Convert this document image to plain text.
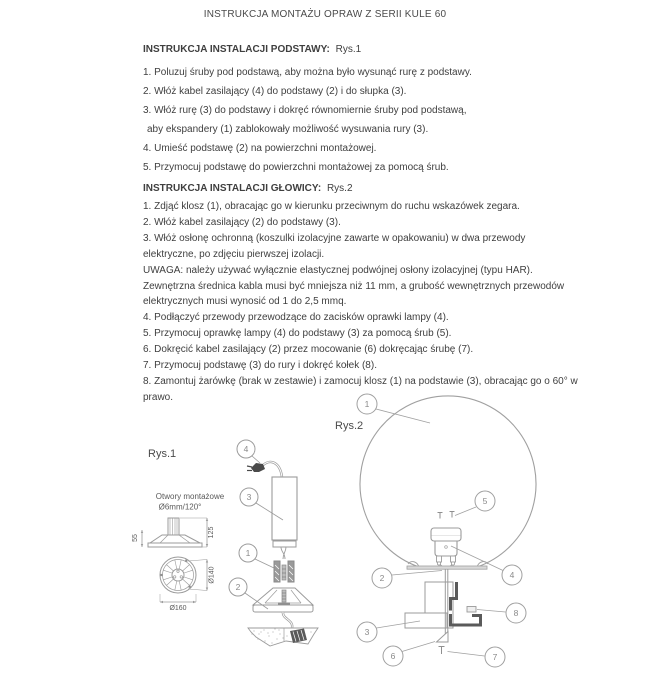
INSTRUKCJA MONTAŻU OPRAW Z SERII KULE 60
INSTRUKCJA INSTALACJI PODSTAWY: Rys.1
1. Poluzuj śruby pod podstawą, aby można było wysunąć rurę z podstawy.
2. Włóż kabel zasilający (4) do podstawy (2) i do słupka (3).
3. Włóż rurę (3) do podstawy i dokręć równomiernie śruby pod podstawą,
aby ekspandery (1) zablokowały możliwość wysuwania rury (3).
4. Umieść podstawę (2) na powierzchni montażowej.
5. Przymocuj podstawę do powierzchni montażowej za pomocą śrub.
INSTRUKCJA INSTALACJI GŁOWICY: Rys.2
1. Zdjąć klosz (1), obracając go w kierunku przeciwnym do ruchu wskazówek zegara.
2. Włóż kabel zasilający (2) do podstawy (3).
3. Włóż osłonę ochronną (koszulki izolacyjne zawarte w opakowaniu) w dwa przewody
elektryczne, po zdjęciu pierwszej izolacji.
UWAGA: należy używać wyłącznie elastycznej podwójnej osłony izolacyjnej (typu HAR).
Zewnętrzna średnica kabla musi być mniejsza niż 11 mm, a grubość wewnętrznych przewodów
elektrycznych musi wynosić od 1 do 2,5 mmq.
4. Podłączyć przewody przewodzące do zacisków oprawki lampy (4).
5. Przymocuj oprawkę lampy (4) do podstawy (3) za pomocą śrub (5).
6. Dokręcić kabel zasilający (2) przez mocowanie (6) dokręcając śrubę (7).
7. Przymocuj podstawę (3) do rury i dokręć kołek (8).
8. Zamontuj żarówkę (brak w zestawie) i zamocuj klosz (1) na podstawie (3), obracając go o 60° w
prawo.
Rys.1
Otwory montażowe
Ø6mm/120°
55	125
Ø140
Ø160
4
3
1
2
Rys.2
1
5
2	4
8
3
6	7
